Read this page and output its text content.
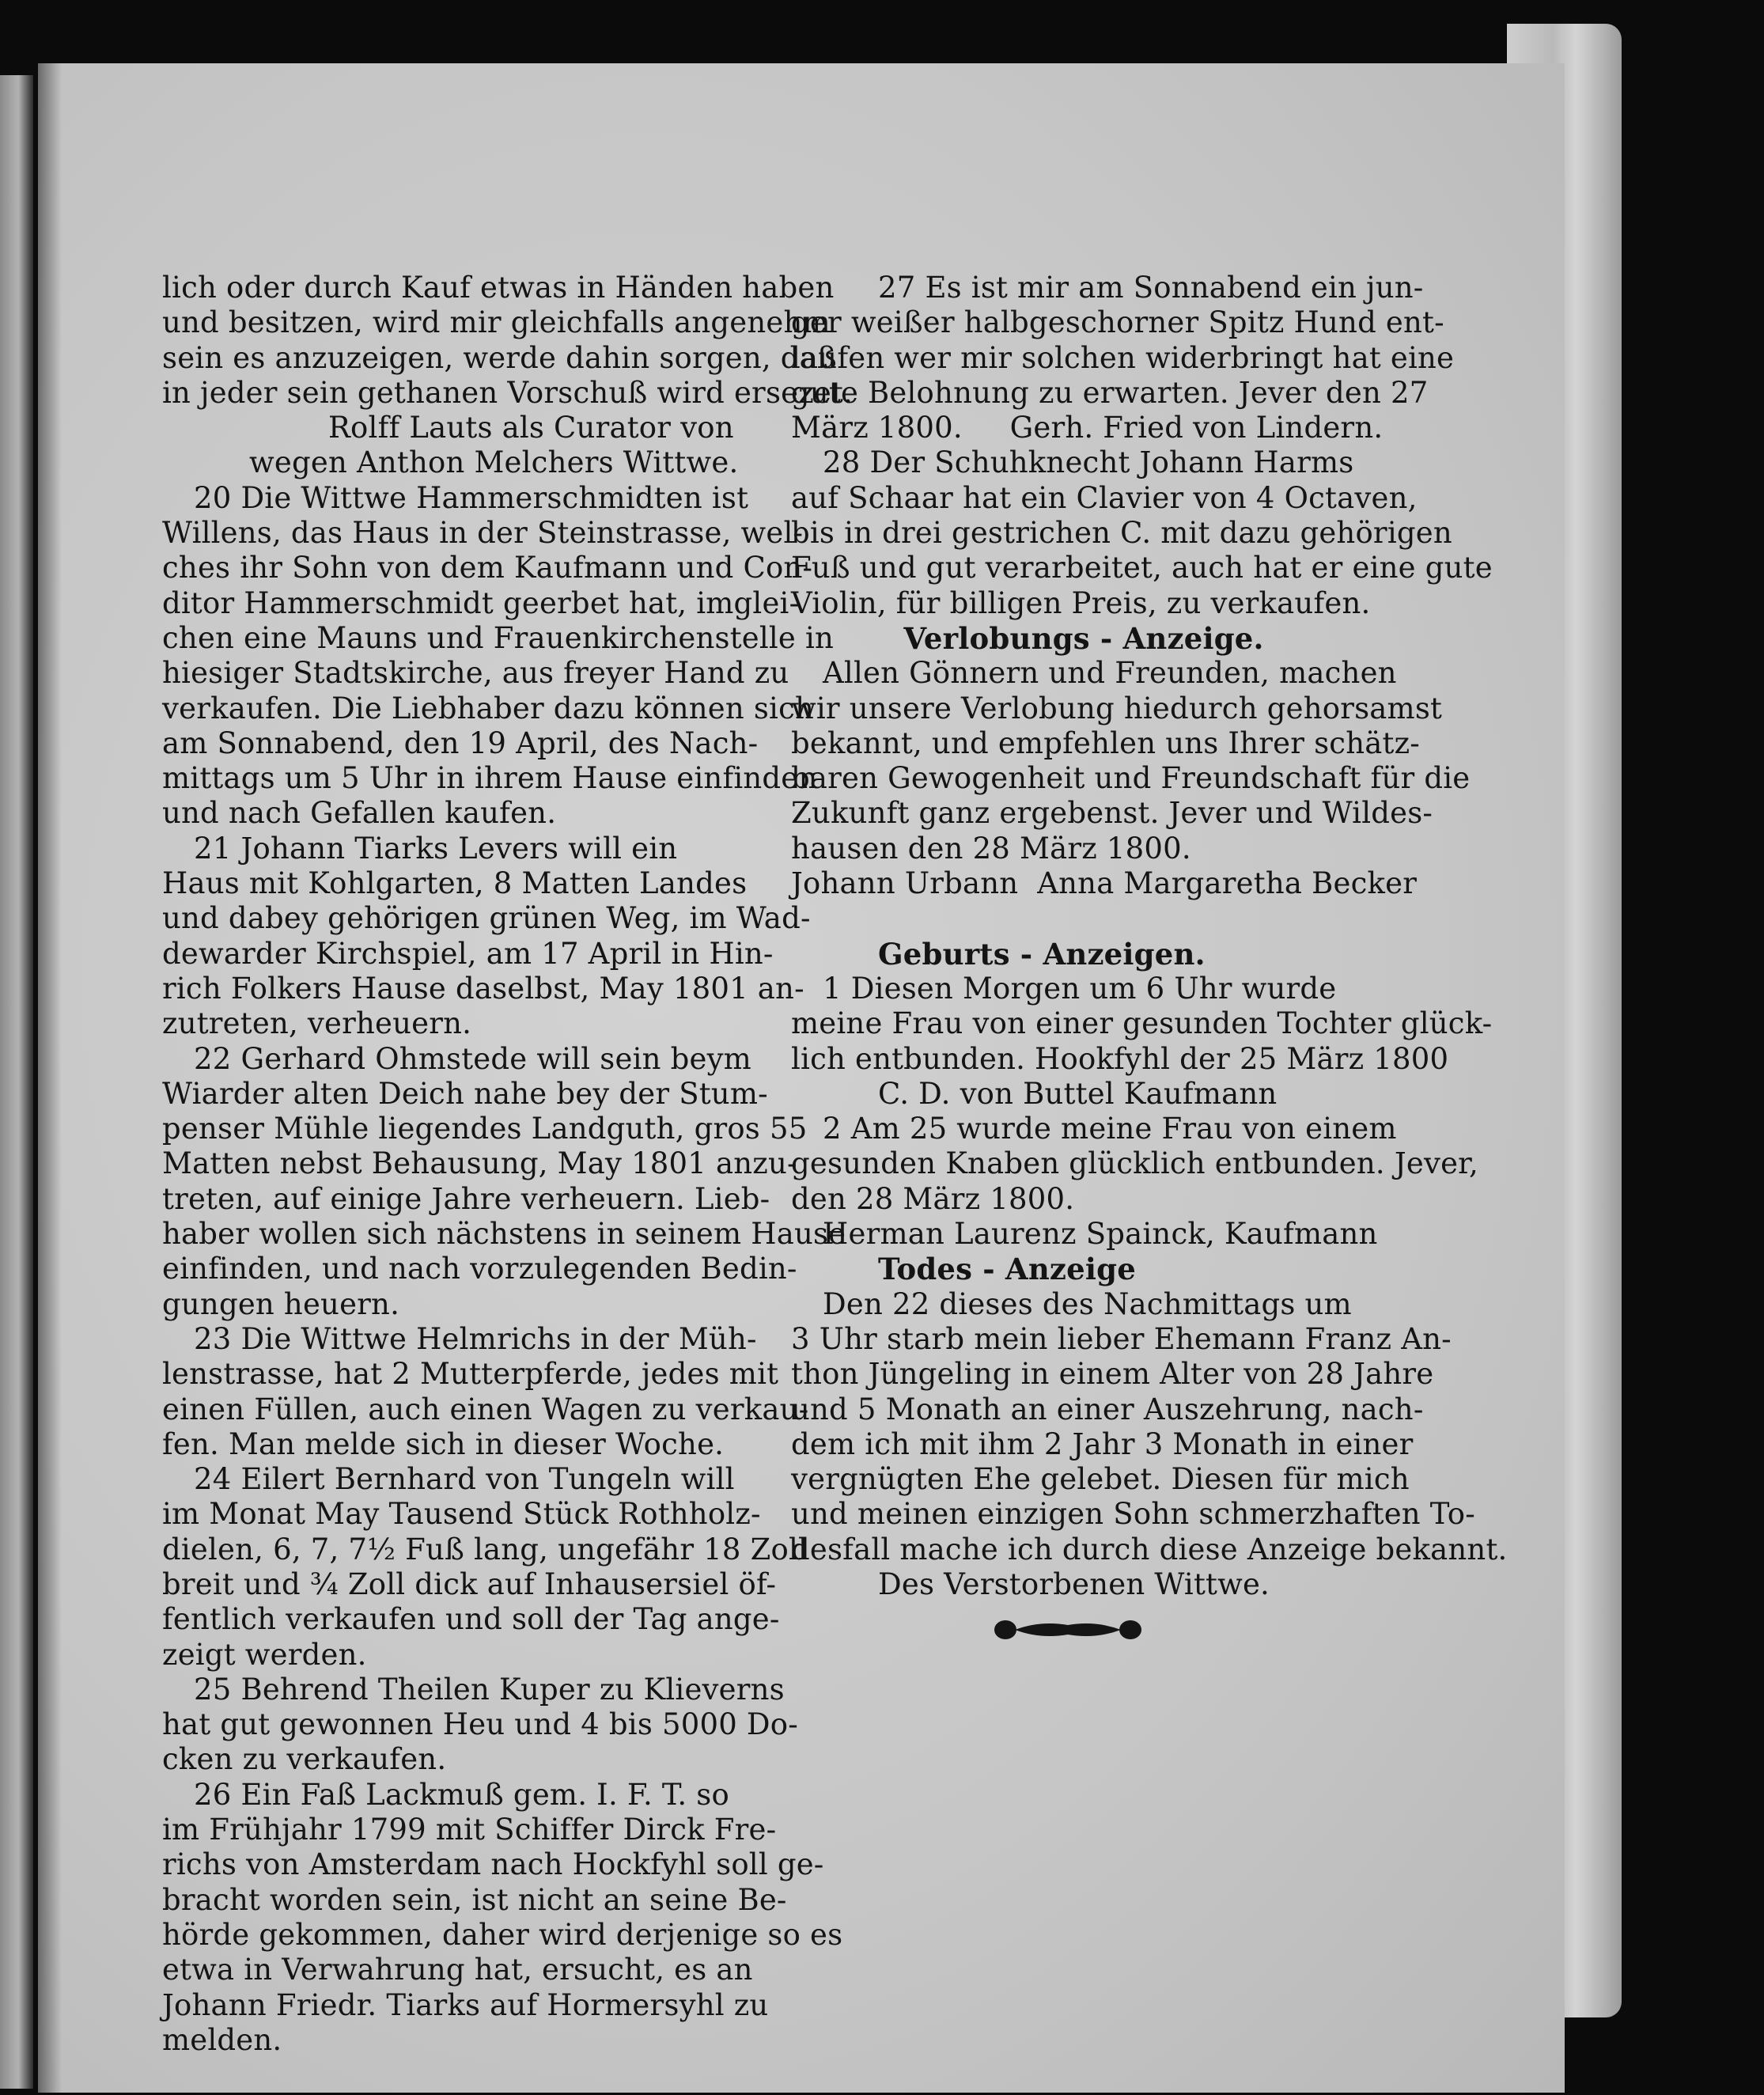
lich oder durch Kauf etwas in Händen haben
und besitzen, wird mir gleichfalls angenehm
sein es anzuzeigen, werde dahin sorgen, daß
in jeder sein gethanen Vorschuß wird ersezet.
Rolff Lauts als Curator von
wegen Anthon Melchers Wittwe.
20 Die Wittwe Hammerschmidten ist
Willens, das Haus in der Steinstrasse, wel-
ches ihr Sohn von dem Kaufmann und Con-
ditor Hammerschmidt geerbet hat, imglei-
chen eine Mauns und Frauenkirchenstelle in
hiesiger Stadtskirche, aus freyer Hand zu
verkaufen. Die Liebhaber dazu können sich
am Sonnabend, den 19 April, des Nach-
mittags um 5 Uhr in ihrem Hause einfinden
und nach Gefallen kaufen.
21 Johann Tiarks Levers will ein
Haus mit Kohlgarten, 8 Matten Landes
und dabey gehörigen grünen Weg, im Wad-
dewarder Kirchspiel, am 17 April in Hin-
rich Folkers Hause daselbst, May 1801 an-
zutreten, verheuern.
22 Gerhard Ohmstede will sein beym
Wiarder alten Deich nahe bey der Stum-
penser Mühle liegendes Landguth, gros 55
Matten nebst Behausung, May 1801 anzu-
treten, auf einige Jahre verheuern. Lieb-
haber wollen sich nächstens in seinem Hause
einfinden, und nach vorzulegenden Bedin-
gungen heuern.
23 Die Wittwe Helmrichs in der Müh-
lenstrasse, hat 2 Mutterpferde, jedes mit
einen Füllen, auch einen Wagen zu verkau-
fen. Man melde sich in dieser Woche.
24 Eilert Bernhard von Tungeln will
im Monat May Tausend Stück Rothholz-
dielen, 6, 7, 7½ Fuß lang, ungefähr 18 Zoll
breit und ¾ Zoll dick auf Inhausersiel öf-
fentlich verkaufen und soll der Tag ange-
zeigt werden.
25 Behrend Theilen Kuper zu Klieverns
hat gut gewonnen Heu und 4 bis 5000 Do-
cken zu verkaufen.
26 Ein Faß Lackmuß gem. I. F. T. so
im Frühjahr 1799 mit Schiffer Dirck Fre-
richs von Amsterdam nach Hockfyhl soll ge-
bracht worden sein, ist nicht an seine Be-
hörde gekommen, daher wird derjenige so es
etwa in Verwahrung hat, ersucht, es an
Johann Friedr. Tiarks auf Hormersyhl zu
melden.
27 Es ist mir am Sonnabend ein jun-
ger weißer halbgeschorner Spitz Hund ent-
laufen wer mir solchen widerbringt hat eine
gute Belohnung zu erwarten. Jever den 27
März 1800.     Gerh. Fried von Lindern.
28 Der Schuhknecht Johann Harms
auf Schaar hat ein Clavier von 4 Octaven,
bis in drei gestrichen C. mit dazu gehörigen
Fuß und gut verarbeitet, auch hat er eine gute
Violin, für billigen Preis, zu verkaufen.
Verlobungs - Anzeige.
Allen Gönnern und Freunden, machen
wir unsere Verlobung hiedurch gehorsamst
bekannt, und empfehlen uns Ihrer schätz-
baren Gewogenheit und Freundschaft für die
Zukunft ganz ergebenst. Jever und Wildes-
hausen den 28 März 1800.
Johann Urbann  Anna Margaretha Becker
Geburts - Anzeigen.
1 Diesen Morgen um 6 Uhr wurde
meine Frau von einer gesunden Tochter glück-
lich entbunden. Hookfyhl der 25 März 1800
C. D. von Buttel Kaufmann
2 Am 25 wurde meine Frau von einem
gesunden Knaben glücklich entbunden. Jever,
den 28 März 1800.
Herman Laurenz Spainck, Kaufmann
Todes - Anzeige
Den 22 dieses des Nachmittags um
3 Uhr starb mein lieber Ehemann Franz An-
thon Jüngeling in einem Alter von 28 Jahre
und 5 Monath an einer Auszehrung, nach-
dem ich mit ihm 2 Jahr 3 Monath in einer
vergnügten Ehe gelebet. Diesen für mich
und meinen einzigen Sohn schmerzhaften To-
desfall mache ich durch diese Anzeige bekannt.
Des Verstorbenen Wittwe.
